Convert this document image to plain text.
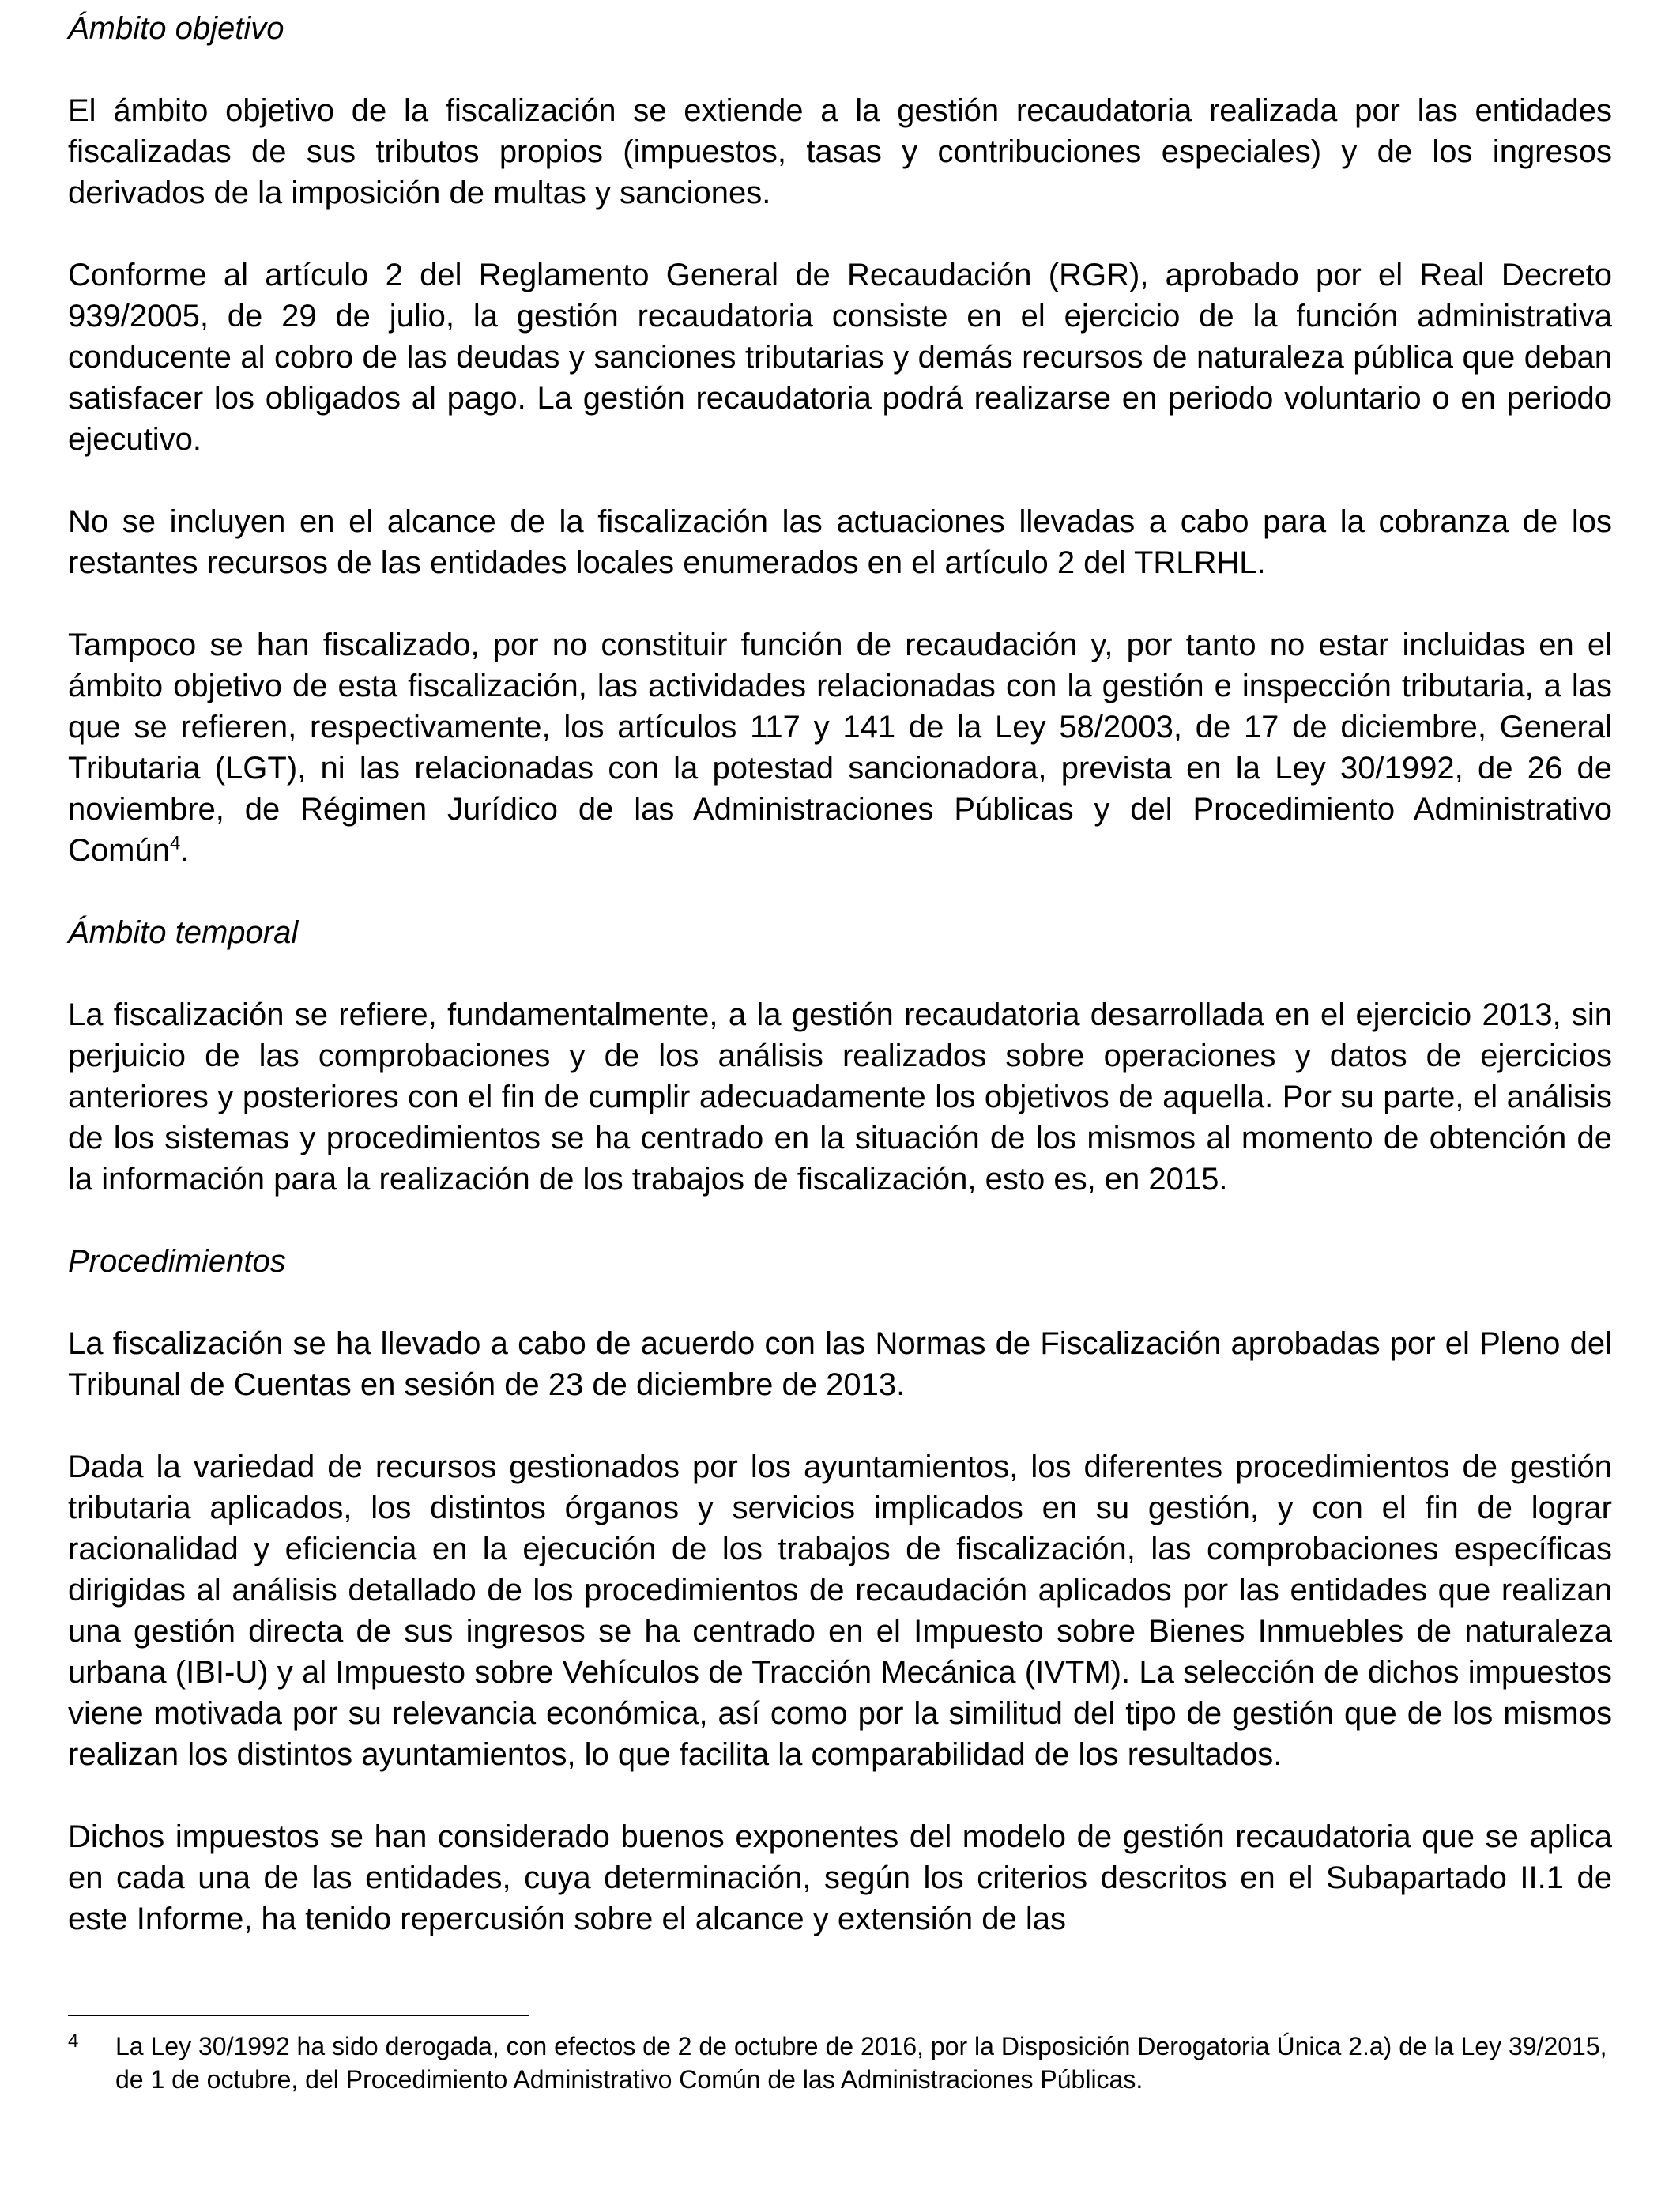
Ámbito objetivo
El ámbito objetivo de la fiscalización se extiende a la gestión recaudatoria realizada por las entidades fiscalizadas de sus tributos propios (impuestos, tasas y contribuciones especiales) y de los ingresos derivados de la imposición de multas y sanciones.
Conforme al artículo 2 del Reglamento General de Recaudación (RGR), aprobado por el Real Decreto 939/2005, de 29 de julio, la gestión recaudatoria consiste en el ejercicio de la función administrativa conducente al cobro de las deudas y sanciones tributarias y demás recursos de naturaleza pública que deban satisfacer los obligados al pago. La gestión recaudatoria podrá realizarse en periodo voluntario o en periodo ejecutivo.
No se incluyen en el alcance de la fiscalización las actuaciones llevadas a cabo para la cobranza de los restantes recursos de las entidades locales enumerados en el artículo 2 del TRLRHL.
Tampoco se han fiscalizado, por no constituir función de recaudación y, por tanto no estar incluidas en el ámbito objetivo de esta fiscalización, las actividades relacionadas con la gestión e inspección tributaria, a las que se refieren, respectivamente, los artículos 117 y 141 de la Ley 58/2003, de 17 de diciembre, General Tributaria (LGT), ni las relacionadas con la potestad sancionadora, prevista en la Ley 30/1992, de 26 de noviembre, de Régimen Jurídico de las Administraciones Públicas y del Procedimiento Administrativo Común$^4$.
Ámbito temporal
La fiscalización se refiere, fundamentalmente, a la gestión recaudatoria desarrollada en el ejercicio 2013, sin perjuicio de las comprobaciones y de los análisis realizados sobre operaciones y datos de ejercicios anteriores y posteriores con el fin de cumplir adecuadamente los objetivos de aquella. Por su parte, el análisis de los sistemas y procedimientos se ha centrado en la situación de los mismos al momento de obtención de la información para la realización de los trabajos de fiscalización, esto es, en 2015.
Procedimientos
La fiscalización se ha llevado a cabo de acuerdo con las Normas de Fiscalización aprobadas por el Pleno del Tribunal de Cuentas en sesión de 23 de diciembre de 2013.
Dada la variedad de recursos gestionados por los ayuntamientos, los diferentes procedimientos de gestión tributaria aplicados, los distintos órganos y servicios implicados en su gestión, y con el fin de lograr racionalidad y eficiencia en la ejecución de los trabajos de fiscalización, las comprobaciones específicas dirigidas al análisis detallado de los procedimientos de recaudación aplicados por las entidades que realizan una gestión directa de sus ingresos se ha centrado en el Impuesto sobre Bienes Inmuebles de naturaleza urbana (IBI-U) y al Impuesto sobre Vehículos de Tracción Mecánica (IVTM). La selección de dichos impuestos viene motivada por su relevancia económica, así como por la similitud del tipo de gestión que de los mismos realizan los distintos ayuntamientos, lo que facilita la comparabilidad de los resultados.
Dichos impuestos se han considerado buenos exponentes del modelo de gestión recaudatoria que se aplica en cada una de las entidades, cuya determinación, según los criterios descritos en el Subapartado II.1 de este Informe, ha tenido repercusión sobre el alcance y extensión de las
4 La Ley 30/1992 ha sido derogada, con efectos de 2 de octubre de 2016, por la Disposición Derogatoria Única 2.a) de la Ley 39/2015, de 1 de octubre, del Procedimiento Administrativo Común de las Administraciones Públicas.
